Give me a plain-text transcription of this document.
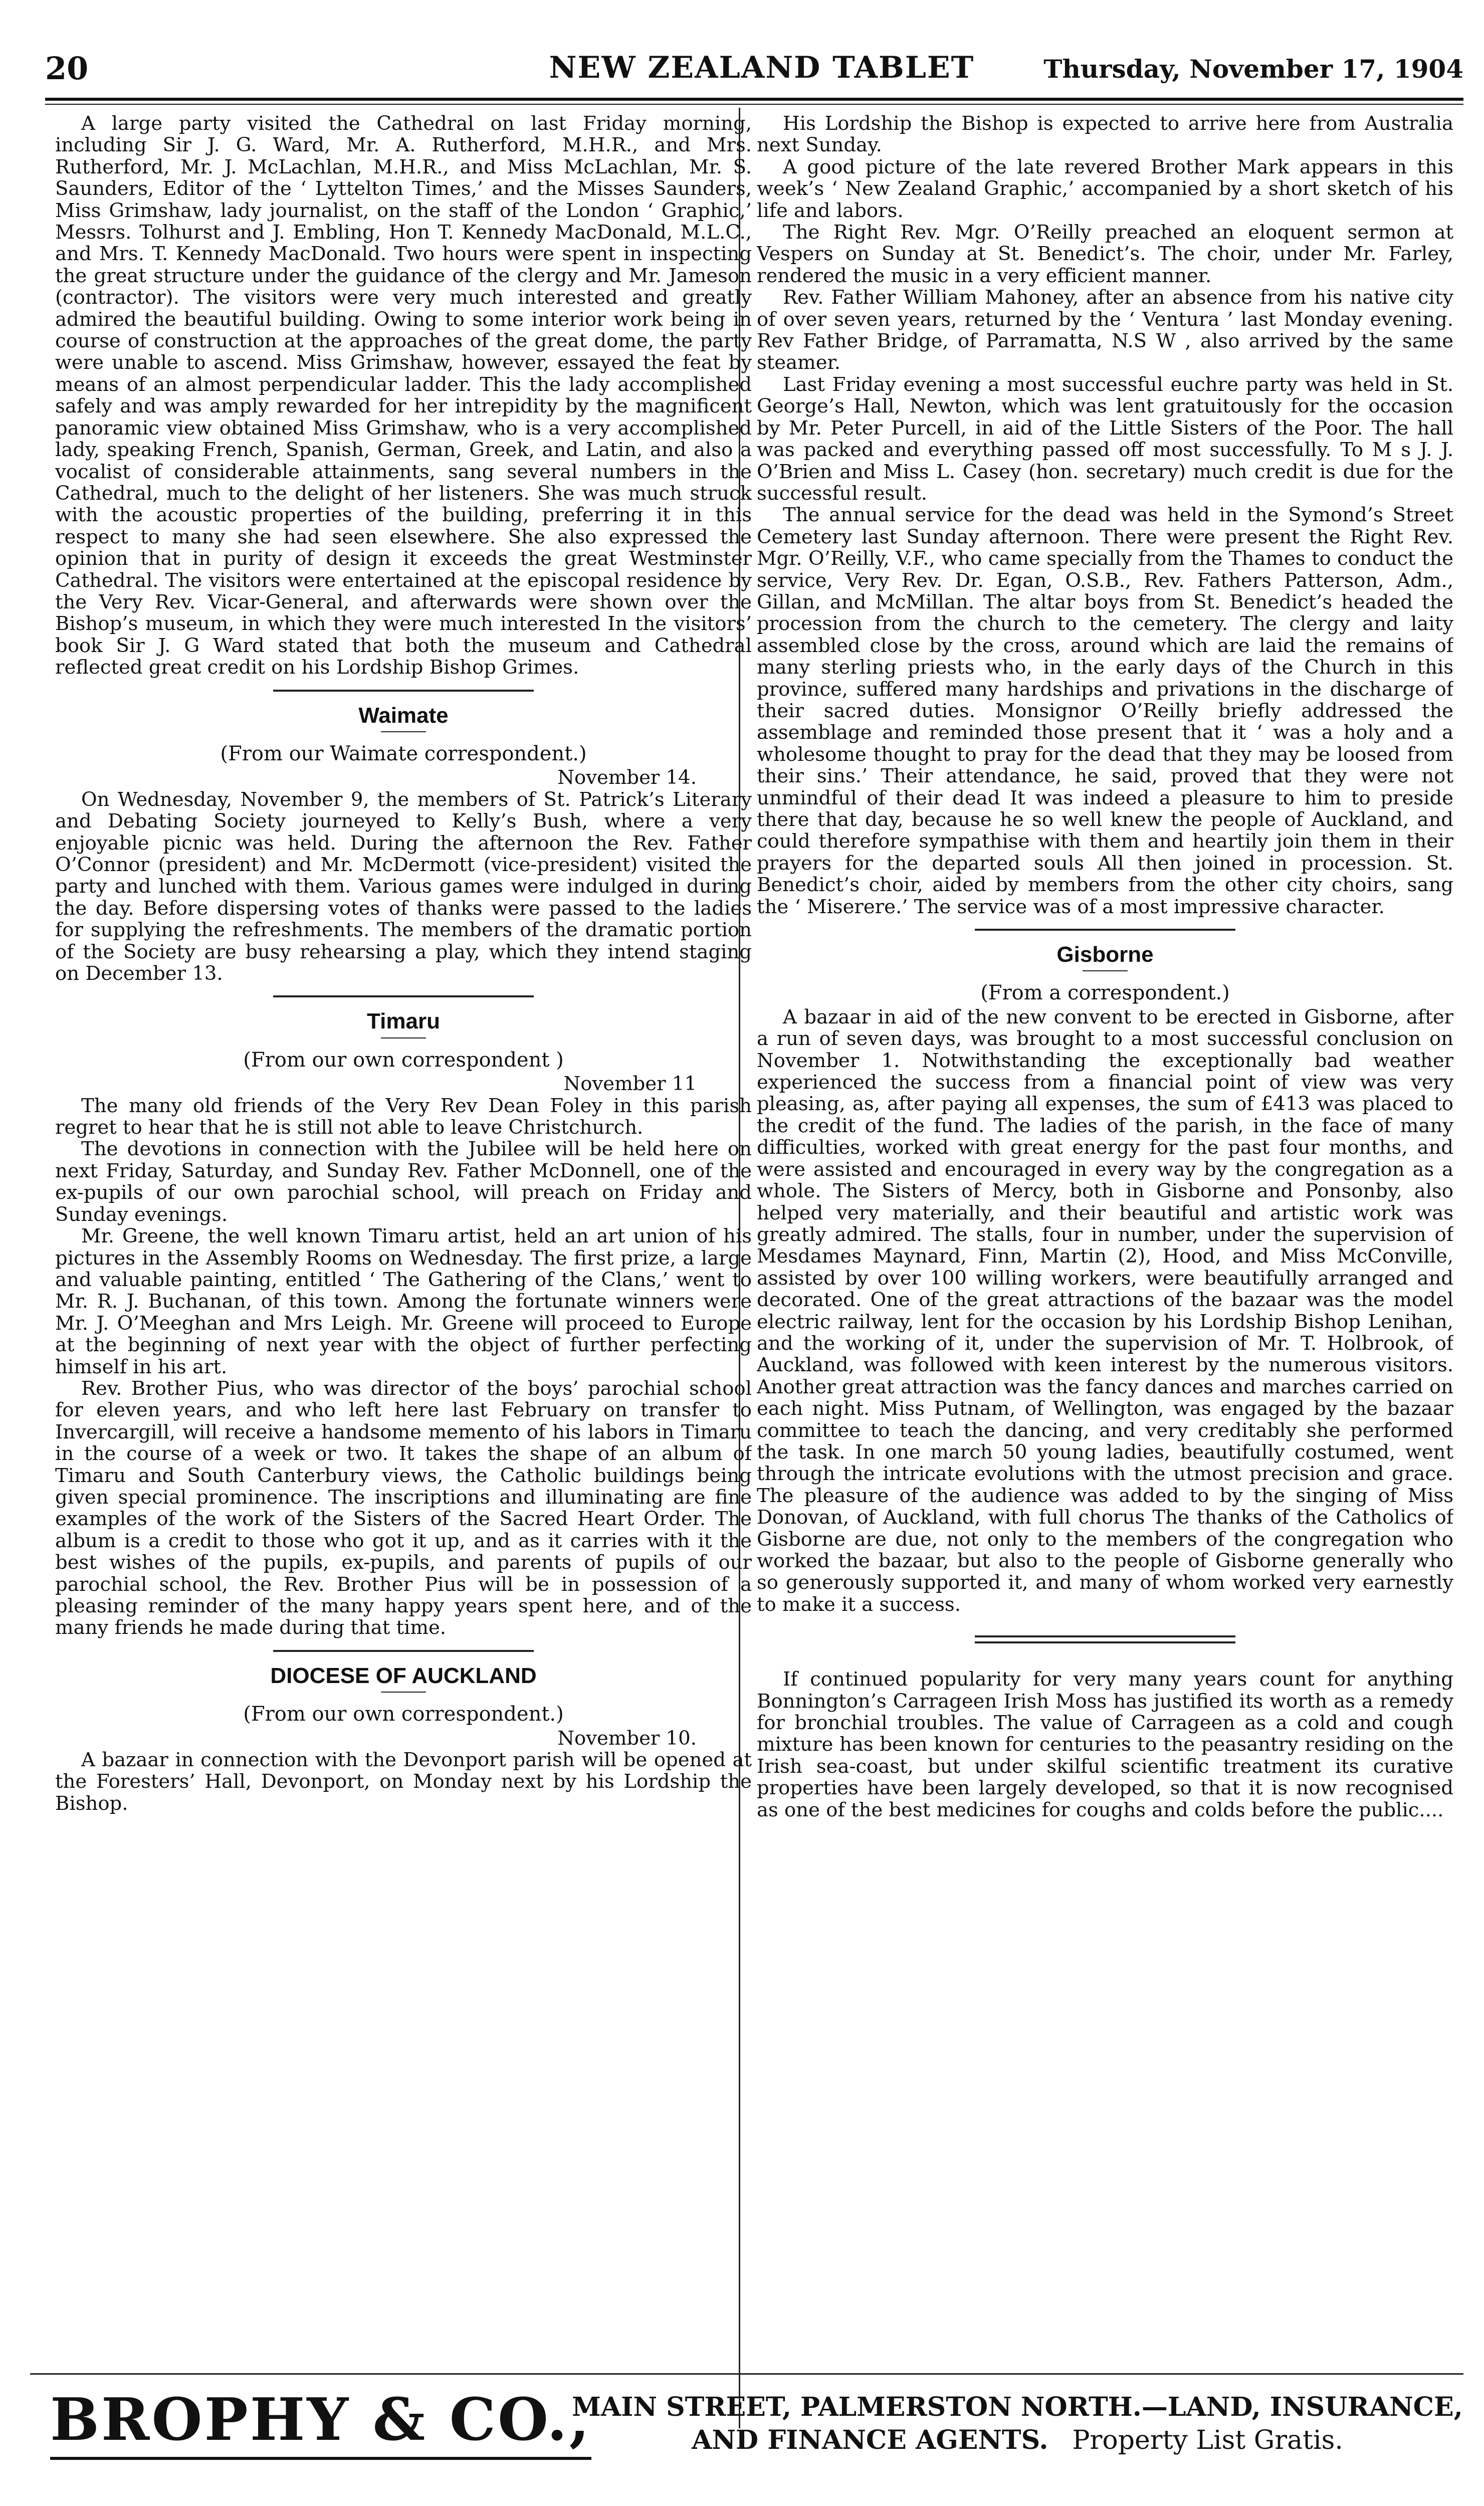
20	NEW ZEALAND TABLET	Thursday, November 17, 1904

A large party visited the Cathedral on last Friday morning, including Sir J. G. Ward, Mr. A. Rutherford, M.H.R., and Mrs. Rutherford, Mr. J. McLachlan, M.H.R., and Miss McLachlan, Mr. S. Saunders, Editor of the ‘ Lyttelton Times,’ and the Misses Saunders, Miss Grimshaw, lady journalist, on the staff of the London ‘ Graphic,’ Messrs. Tolhurst and J. Embling, Hon T. Kennedy MacDonald, M.L.C., and Mrs. T. Kennedy MacDonald. Two hours were spent in inspecting the great structure under the guidance of the clergy and Mr. Jameson (contractor). The visitors were very much interested and greatly admired the beautiful building. Owing to some interior work being in course of construction at the approaches of the great dome, the party were unable to ascend. Miss Grimshaw, however, essayed the feat by means of an almost perpendicular ladder. This the lady accomplished safely and was amply rewarded for her intrepidity by the magnificent panoramic view obtained Miss Grimshaw, who is a very accomplished lady, speaking French, Spanish, German, Greek, and Latin, and also a vocalist of considerable attainments, sang several numbers in the Cathedral, much to the delight of her listeners. She was much struck with the acoustic properties of the building, preferring it in this respect to many she had seen elsewhere. She also expressed the opinion that in purity of design it exceeds the great Westminster Cathedral. The visitors were entertained at the episcopal residence by the Very Rev. Vicar-General, and afterwards were shown over the Bishop’s museum, in which they were much interested In the visitors’ book Sir J. G Ward stated that both the museum and Cathedral reflected great credit on his Lordship Bishop Grimes.

Waimate
(From our Waimate correspondent.)
November 14.

On Wednesday, November 9, the members of St. Patrick’s Literary and Debating Society journeyed to Kelly’s Bush, where a very enjoyable picnic was held. During the afternoon the Rev. Father O’Connor (president) and Mr. McDermott (vice-president) visited the party and lunched with them. Various games were indulged in during the day. Before dispersing votes of thanks were passed to the ladies for supplying the refreshments. The members of the dramatic portion of the Society are busy rehearsing a play, which they intend staging on December 13.

Timaru
(From our own correspondent )
November 11

The many old friends of the Very Rev Dean Foley in this parish regret to hear that he is still not able to leave Christchurch.

The devotions in connection with the Jubilee will be held here on next Friday, Saturday, and Sunday Rev. Father McDonnell, one of the ex-pupils of our own parochial school, will preach on Friday and Sunday evenings.

Mr. Greene, the well known Timaru artist, held an art union of his pictures in the Assembly Rooms on Wednesday. The first prize, a large and valuable painting, entitled ‘ The Gathering of the Clans,’ went to Mr. R. J. Buchanan, of this town. Among the fortunate winners were Mr. J. O’Meeghan and Mrs Leigh. Mr. Greene will proceed to Europe at the beginning of next year with the object of further perfecting himself in his art.

Rev. Brother Pius, who was director of the boys’ parochial school for eleven years, and who left here last February on transfer to Invercargill, will receive a handsome memento of his labors in Timaru in the course of a week or two. It takes the shape of an album of Timaru and South Canterbury views, the Catholic buildings being given special prominence. The inscriptions and illuminating are fine examples of the work of the Sisters of the Sacred Heart Order. The album is a credit to those who got it up, and as it carries with it the best wishes of the pupils, ex-pupils, and parents of pupils of our parochial school, the Rev. Brother Pius will be in possession of a pleasing reminder of the many happy years spent here, and of the many friends he made during that time.

DIOCESE OF AUCKLAND
(From our own correspondent.)
November 10.

A bazaar in connection with the Devonport parish will be opened at the Foresters’ Hall, Devonport, on Monday next by his Lordship the Bishop.

His Lordship the Bishop is expected to arrive here from Australia next Sunday.

A good picture of the late revered Brother Mark appears in this week’s ‘ New Zealand Graphic,’ accompanied by a short sketch of his life and labors.

The Right Rev. Mgr. O’Reilly preached an eloquent sermon at Vespers on Sunday at St. Benedict’s. The choir, under Mr. Farley, rendered the music in a very efficient manner.

Rev. Father William Mahoney, after an absence from his native city of over seven years, returned by the ‘ Ventura ’ last Monday evening. Rev Father Bridge, of Parramatta, N.S W , also arrived by the same steamer.

Last Friday evening a most successful euchre party was held in St. George’s Hall, Newton, which was lent gratuitously for the occasion by Mr. Peter Purcell, in aid of the Little Sisters of the Poor. The hall was packed and everything passed off most successfully. To M s J. J. O’Brien and Miss L. Casey (hon. secretary) much credit is due for the successful result.

The annual service for the dead was held in the Symond’s Street Cemetery last Sunday afternoon. There were present the Right Rev. Mgr. O’Reilly, V.F., who came specially from the Thames to conduct the service, Very Rev. Dr. Egan, O.S.B., Rev. Fathers Patterson, Adm., Gillan, and McMillan. The altar boys from St. Benedict’s headed the procession from the church to the cemetery. The clergy and laity assembled close by the cross, around which are laid the remains of many sterling priests who, in the early days of the Church in this province, suffered many hardships and privations in the discharge of their sacred duties. Monsignor O’Reilly briefly addressed the assemblage and reminded those present that it ‘ was a holy and a wholesome thought to pray for the dead that they may be loosed from their sins.’ Their attendance, he said, proved that they were not unmindful of their dead It was indeed a pleasure to him to preside there that day, because he so well knew the people of Auckland, and could therefore sympathise with them and heartily join them in their prayers for the departed souls All then joined in procession. St. Benedict’s choir, aided by members from the other city choirs, sang the ‘ Miserere.’ The service was of a most impressive character.

Gisborne
(From a correspondent.)

A bazaar in aid of the new convent to be erected in Gisborne, after a run of seven days, was brought to a most successful conclusion on November 1. Notwithstanding the exceptionally bad weather experienced the success from a financial point of view was very pleasing, as, after paying all expenses, the sum of £413 was placed to the credit of the fund. The ladies of the parish, in the face of many difficulties, worked with great energy for the past four months, and were assisted and encouraged in every way by the congregation as a whole. The Sisters of Mercy, both in Gisborne and Ponsonby, also helped very materially, and their beautiful and artistic work was greatly admired. The stalls, four in number, under the supervision of Mesdames Maynard, Finn, Martin (2), Hood, and Miss McConville, assisted by over 100 willing workers, were beautifully arranged and decorated. One of the great attractions of the bazaar was the model electric railway, lent for the occasion by his Lordship Bishop Lenihan, and the working of it, under the supervision of Mr. T. Holbrook, of Auckland, was followed with keen interest by the numerous visitors. Another great attraction was the fancy dances and marches carried on each night. Miss Putnam, of Wellington, was engaged by the bazaar committee to teach the dancing, and very creditably she performed the task. In one march 50 young ladies, beautifully costumed, went through the intricate evolutions with the utmost precision and grace. The pleasure of the audience was added to by the singing of Miss Donovan, of Auckland, with full chorus The thanks of the Catholics of Gisborne are due, not only to the members of the congregation who worked the bazaar, but also to the people of Gisborne generally who so generously supported it, and many of whom worked very earnestly to make it a success.

If continued popularity for very many years count for anything Bonnington’s Carrageen Irish Moss has justified its worth as a remedy for bronchial troubles. The value of Carrageen as a cold and cough mixture has been known for centuries to the peasantry residing on the Irish sea-coast, but under skilful scientific treatment its curative properties have been largely developed, so that it is now recognised as one of the best medicines for coughs and colds before the public....

BROPHY & CO.,
MAIN STREET, PALMERSTON NORTH.—LAND, INSURANCE,
AND FINANCE AGENTS. Property List Gratis.
